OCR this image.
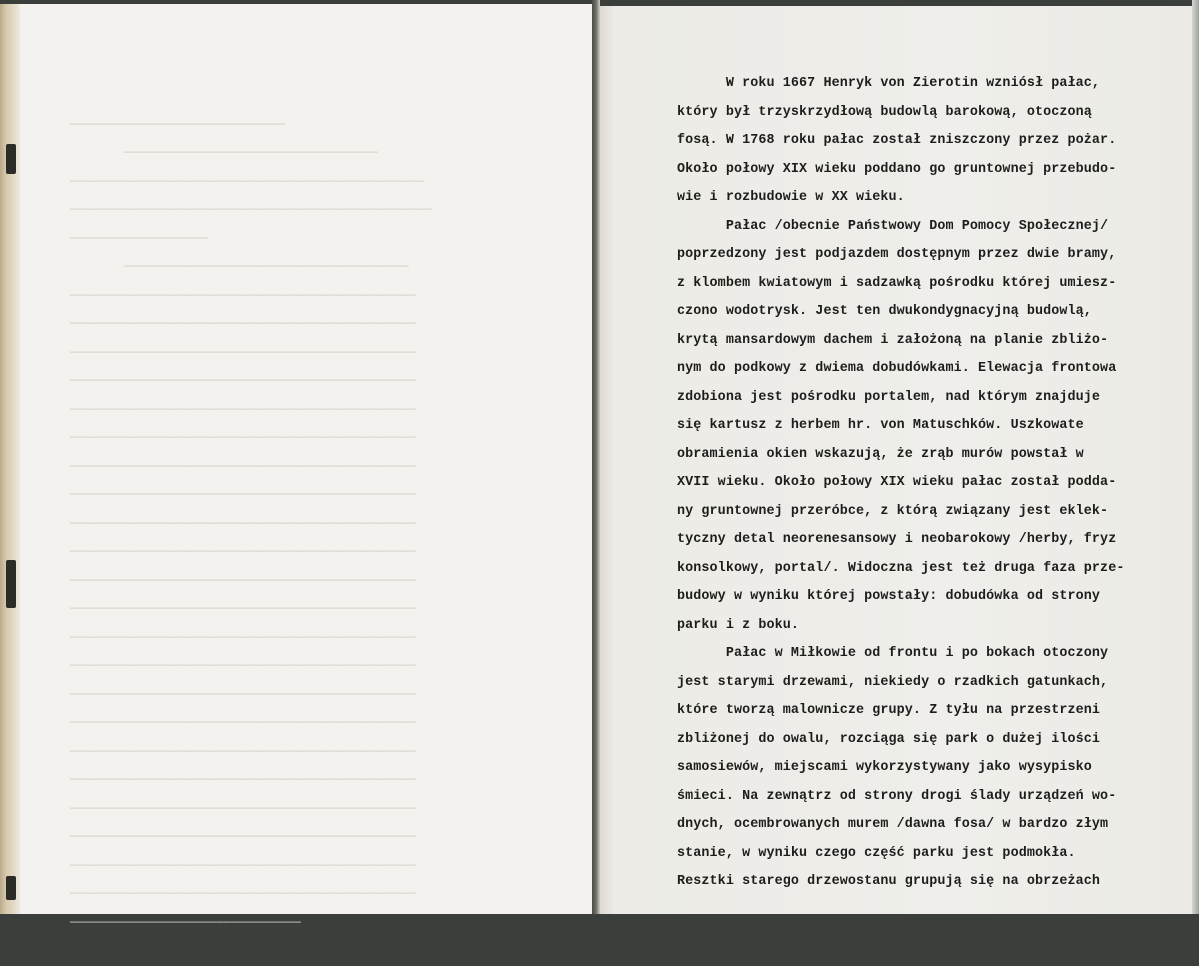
────────────────────────────
─────────────────────────────────
──────────────────────────────────────────────
───────────────────────────────────────────────
──────────────────
─────────────────────────────────────
─────────────────────────────────────────────
─────────────────────────────────────────────
─────────────────────────────────────────────
─────────────────────────────────────────────
─────────────────────────────────────────────
─────────────────────────────────────────────
─────────────────────────────────────────────
─────────────────────────────────────────────
─────────────────────────────────────────────
─────────────────────────────────────────────
─────────────────────────────────────────────
─────────────────────────────────────────────
─────────────────────────────────────────────
─────────────────────────────────────────────
─────────────────────────────────────────────
─────────────────────────────────────────────
─────────────────────────────────────────────
─────────────────────────────────────────────
─────────────────────────────────────────────
─────────────────────────────────────────────
─────────────────────────────────────────────
─────────────────────────────────────────────
──────────────────────────────

W roku 1667 Henryk von Zierotin wzniósł pałac,
który był trzyskrzydłową budowlą barokową, otoczoną
fosą. W 1768 roku pałac został zniszczony przez pożar.
Około połowy XIX wieku poddano go gruntownej przebudo-
wie i rozbudowie w XX wieku.
Pałac /obecnie Państwowy Dom Pomocy Społecznej/
poprzedzony jest podjazdem dostępnym przez dwie bramy,
z klombem kwiatowym i sadzawką pośrodku której umiesz-
czono wodotrysk. Jest ten dwukondygnacyjną budowlą,
krytą mansardowym dachem i założoną na planie zbliżo-
nym do podkowy z dwiema dobudówkami. Elewacja frontowa
zdobiona jest pośrodku portalem, nad którym znajduje
się kartusz z herbem hr. von Matuschków. Uszkowate
obramienia okien wskazują, że zrąb murów powstał w
XVII wieku. Około połowy XIX wieku pałac został podda-
ny gruntownej przeróbce, z którą związany jest eklek-
tyczny detal neorenesansowy i neobarokowy /herby, fryz
konsolkowy, portal/. Widoczna jest też druga faza prze-
budowy w wyniku której powstały: dobudówka od strony
parku i z boku.
Pałac w Miłkowie od frontu i po bokach otoczony
jest starymi drzewami, niekiedy o rzadkich gatunkach,
które tworzą malownicze grupy. Z tyłu na przestrzeni
zbliżonej do owalu, rozciąga się park o dużej ilości
samosiewów, miejscami wykorzystywany jako wysypisko
śmieci. Na zewnątrz od strony drogi ślady urządzeń wo-
dnych, ocembrowanych murem /dawna fosa/ w bardzo złym
stanie, w wyniku czego część parku jest podmokła.
Resztki starego drzewostanu grupują się na obrzeżach
